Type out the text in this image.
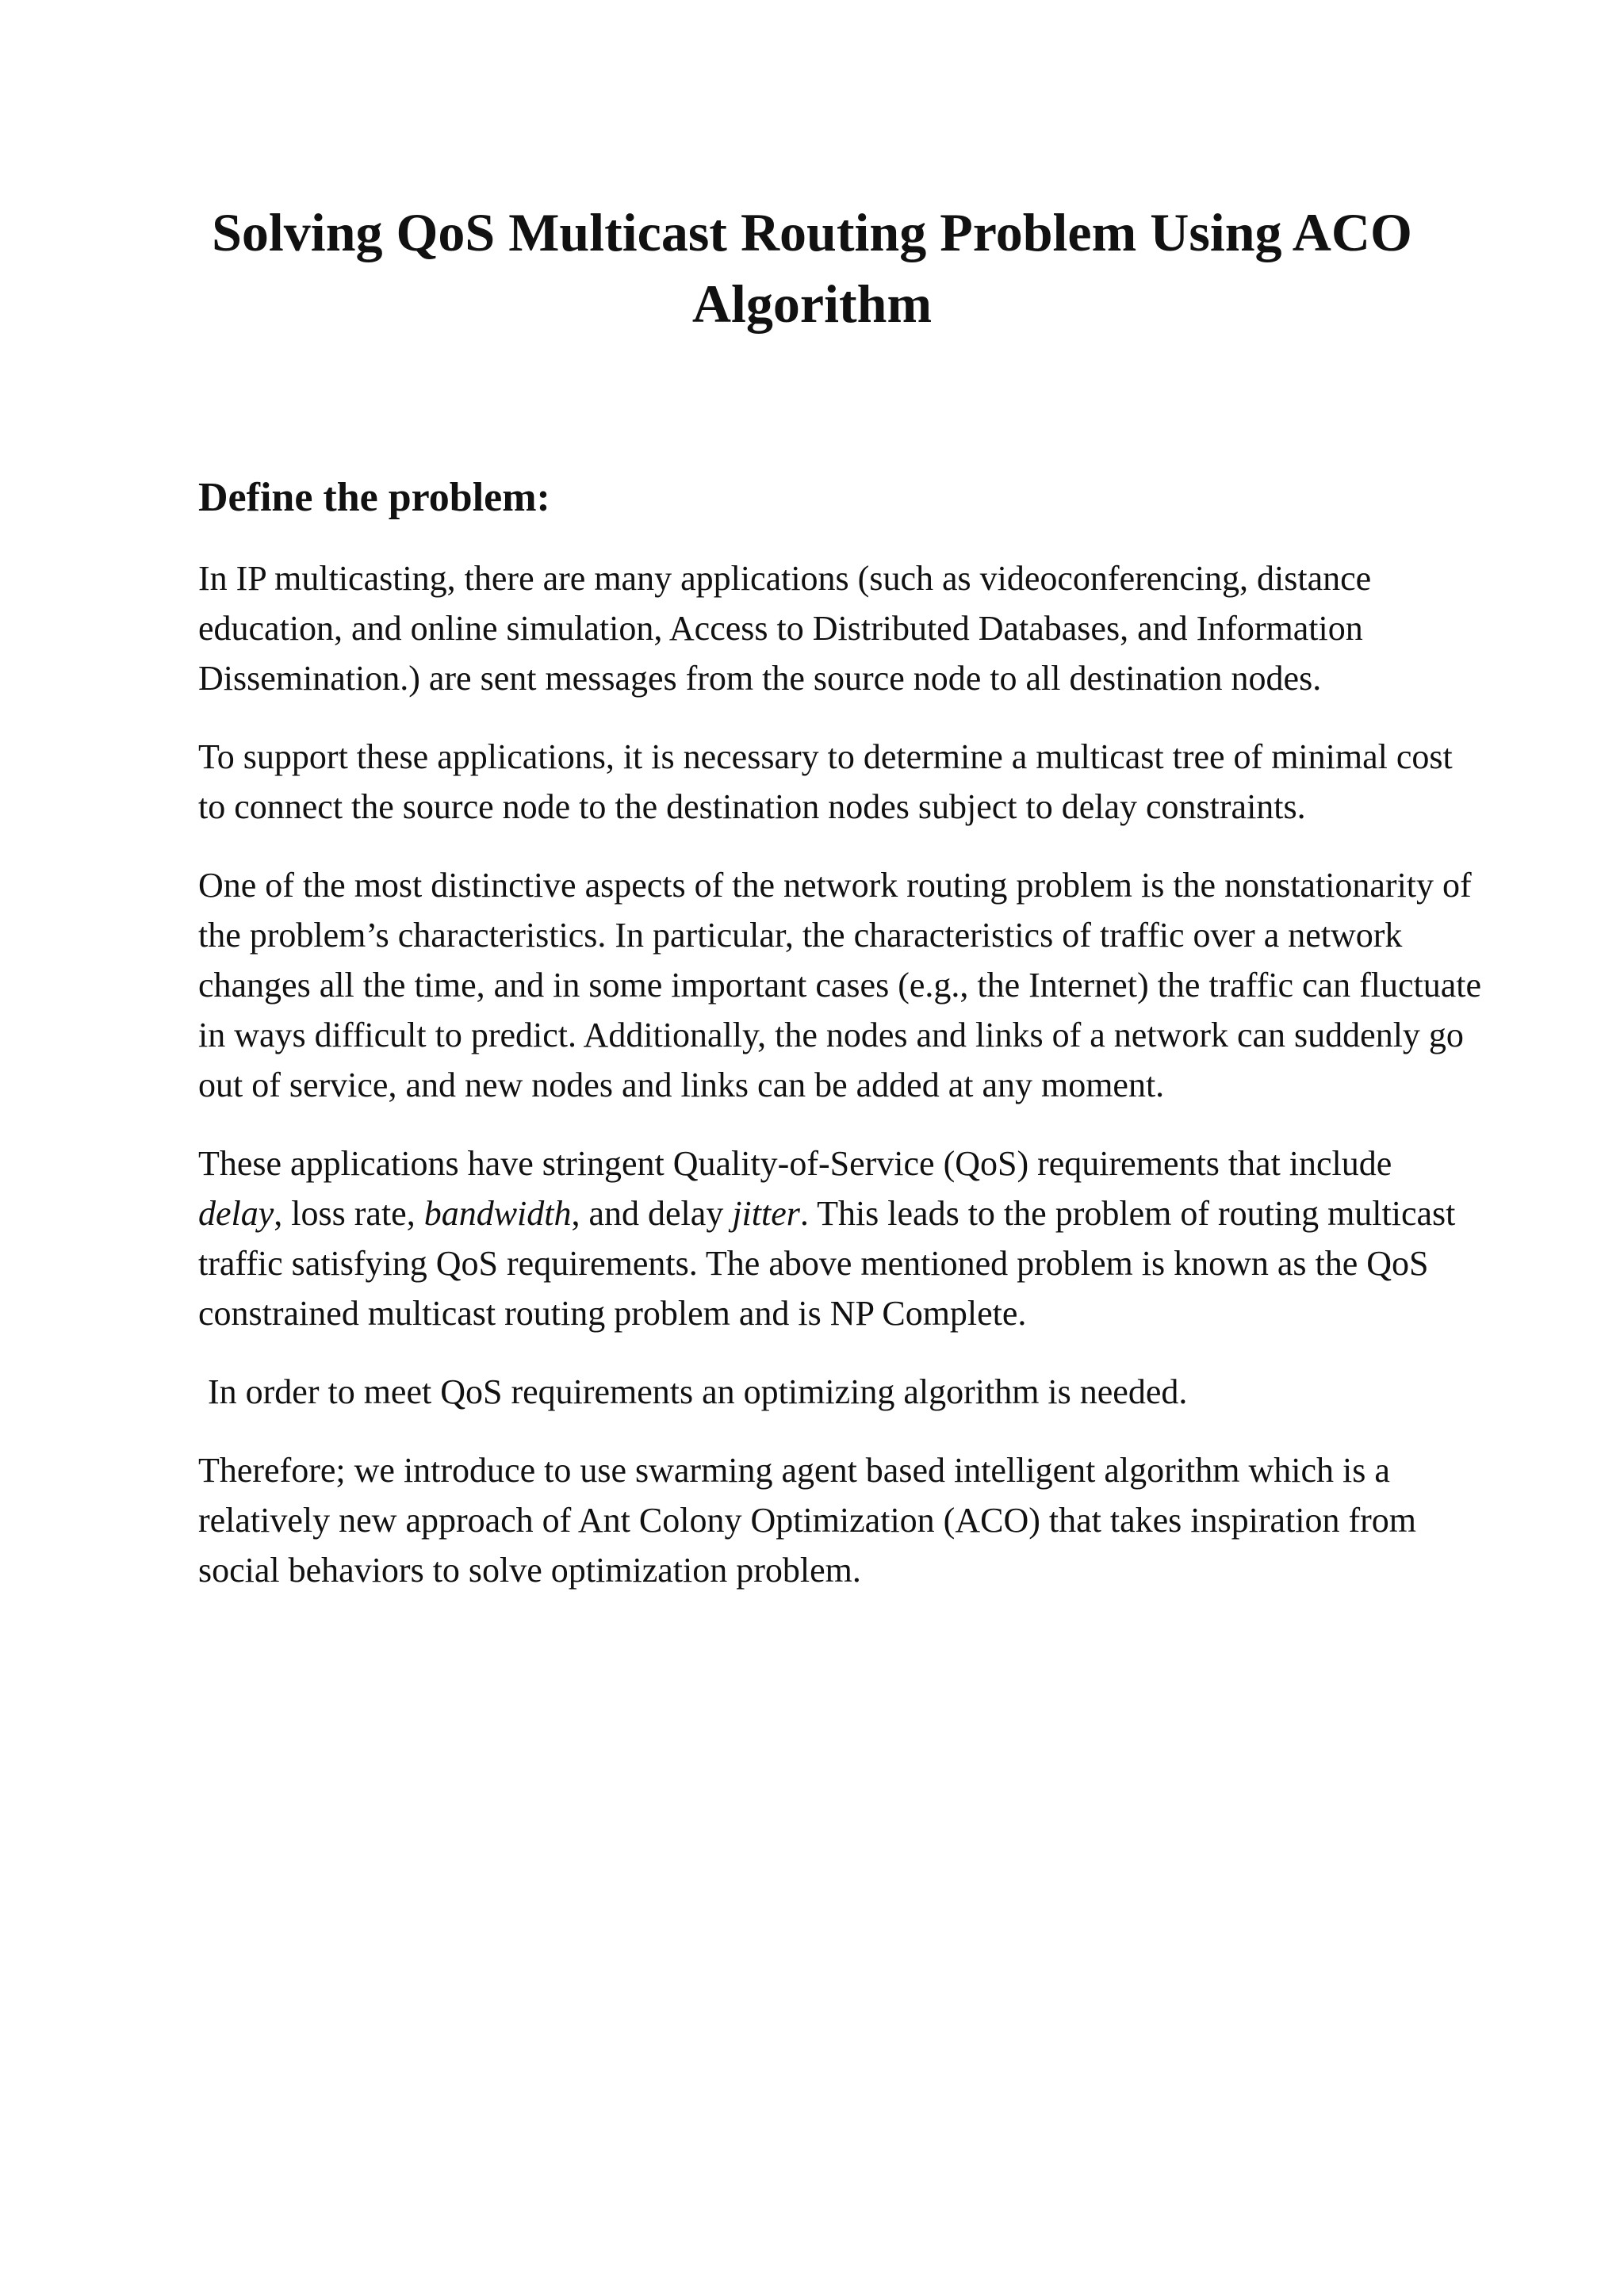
Solving QoS Multicast Routing Problem Using ACO Algorithm
Define the problem:

In IP multicasting, there are many applications (such as videoconferencing, distance education, and online simulation, Access to Distributed Databases, and Information Dissemination.) are sent messages from the source node to all destination nodes.

To support these applications, it is necessary to determine a multicast tree of minimal cost to connect the source node to the destination nodes subject to delay constraints.

One of the most distinctive aspects of the network routing problem is the nonstationarity of the problem’s characteristics. In particular, the characteristics of traffic over a network changes all the time, and in some important cases (e.g., the Internet) the traffic can fluctuate in ways difficult to predict. Additionally, the nodes and links of a network can suddenly go out of service, and new nodes and links can be added at any moment.

These applications have stringent Quality-of-Service (QoS) requirements that include delay, loss rate, bandwidth, and delay jitter. This leads to the problem of routing multicast traffic satisfying QoS requirements. The above mentioned problem is known as the QoS constrained multicast routing problem and is NP Complete.

In order to meet QoS requirements an optimizing algorithm is needed.

Therefore; we introduce to use swarming agent based intelligent algorithm which is a relatively new approach of Ant Colony Optimization (ACO) that takes inspiration from social behaviors to solve optimization problem.
